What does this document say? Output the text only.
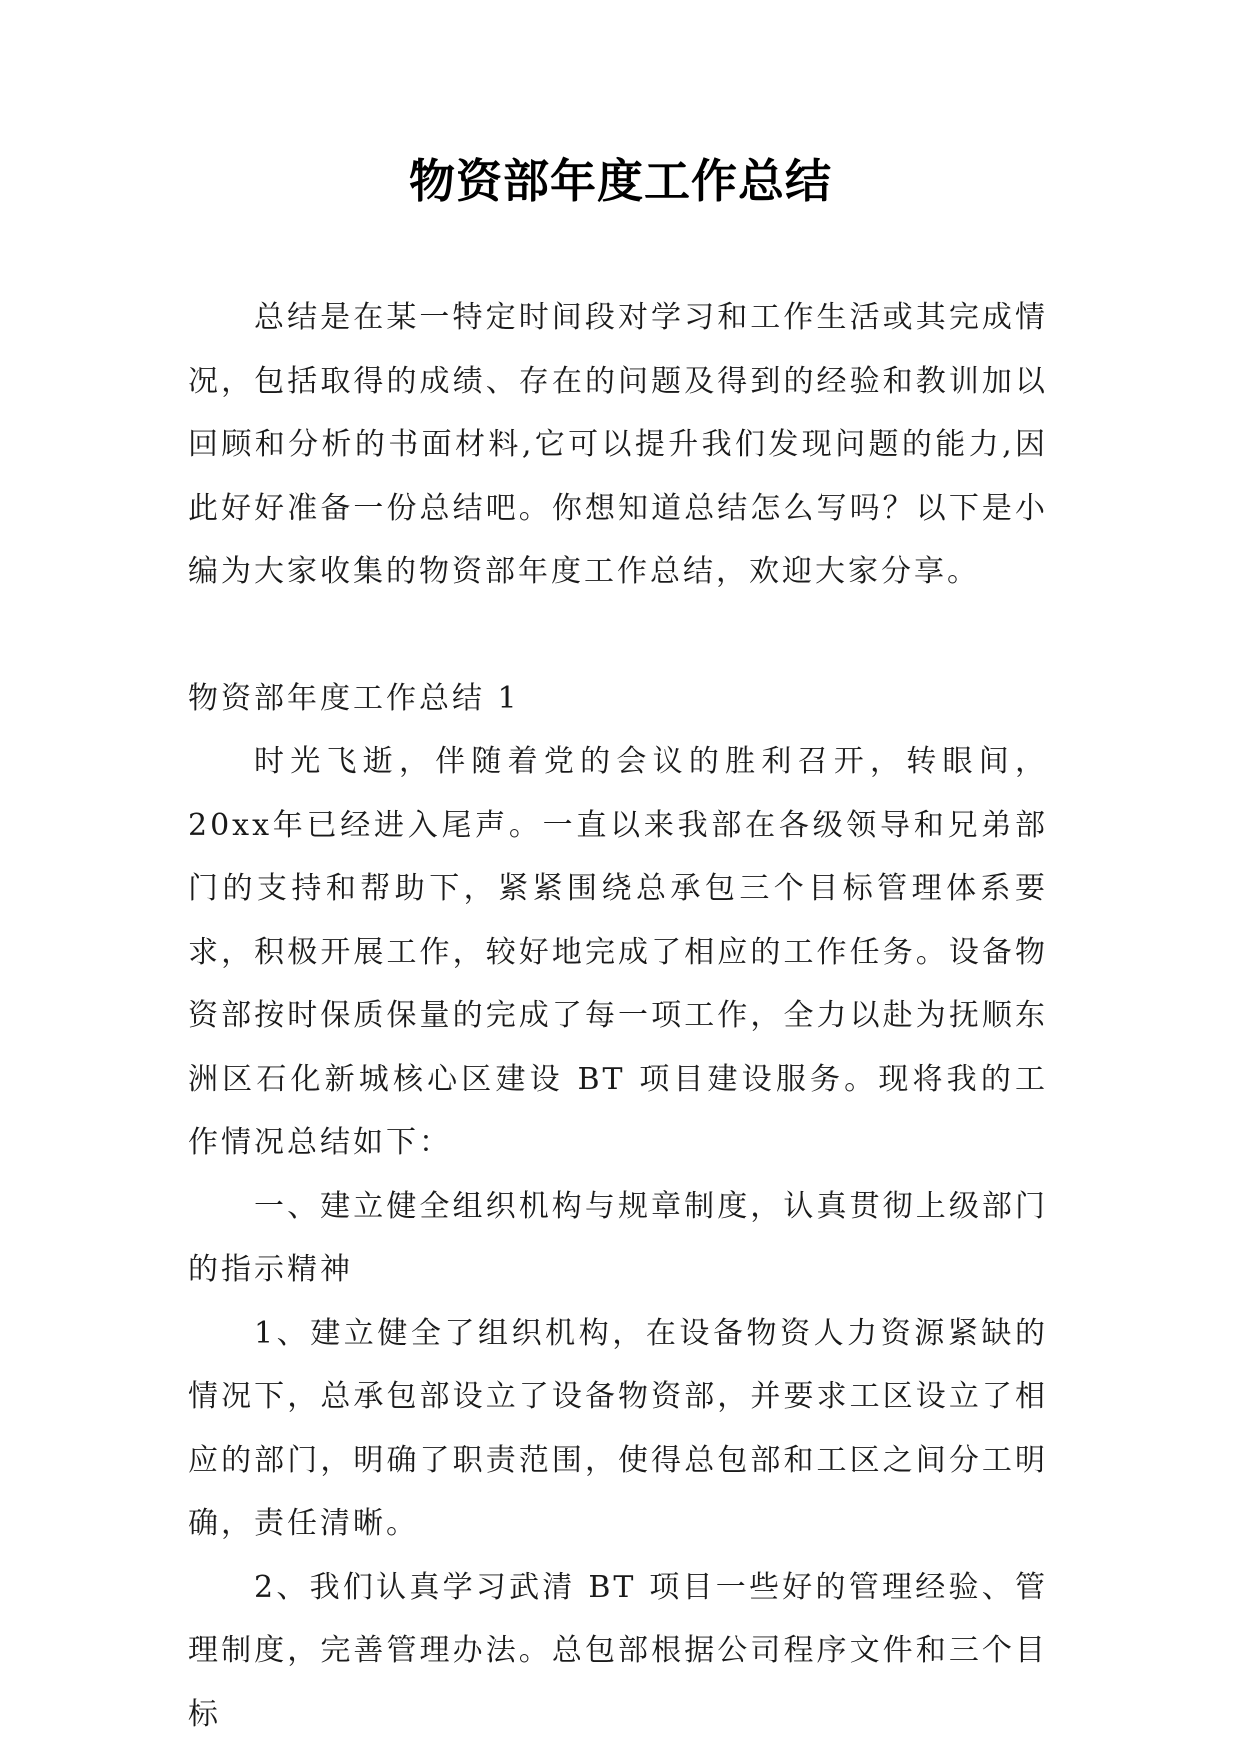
物资部年度工作总结

总结是在某一特定时间段对学习和工作生活或其完成情况，包括取得的成绩、存在的问题及得到的经验和教训加以回顾和分析的书面材料,它可以提升我们发现问题的能力,因此好好准备一份总结吧。你想知道总结怎么写吗？以下是小编为大家收集的物资部年度工作总结，欢迎大家分享。

物资部年度工作总结 1

时光飞逝，伴随着党的会议的胜利召开，转眼间，20xx年已经进入尾声。一直以来我部在各级领导和兄弟部门的支持和帮助下，紧紧围绕总承包三个目标管理体系要求，积极开展工作，较好地完成了相应的工作任务。设备物资部按时保质保量的完成了每一项工作，全力以赴为抚顺东洲区石化新城核心区建设 BT 项目建设服务。现将我的工作情况总结如下：

一、建立健全组织机构与规章制度，认真贯彻上级部门的指示精神

1、建立健全了组织机构，在设备物资人力资源紧缺的情况下，总承包部设立了设备物资部，并要求工区设立了相应的部门，明确了职责范围，使得总包部和工区之间分工明确，责任清晰。

2、我们认真学习武清 BT 项目一些好的管理经验、管理制度，完善管理办法。总包部根据公司程序文件和三个目标
